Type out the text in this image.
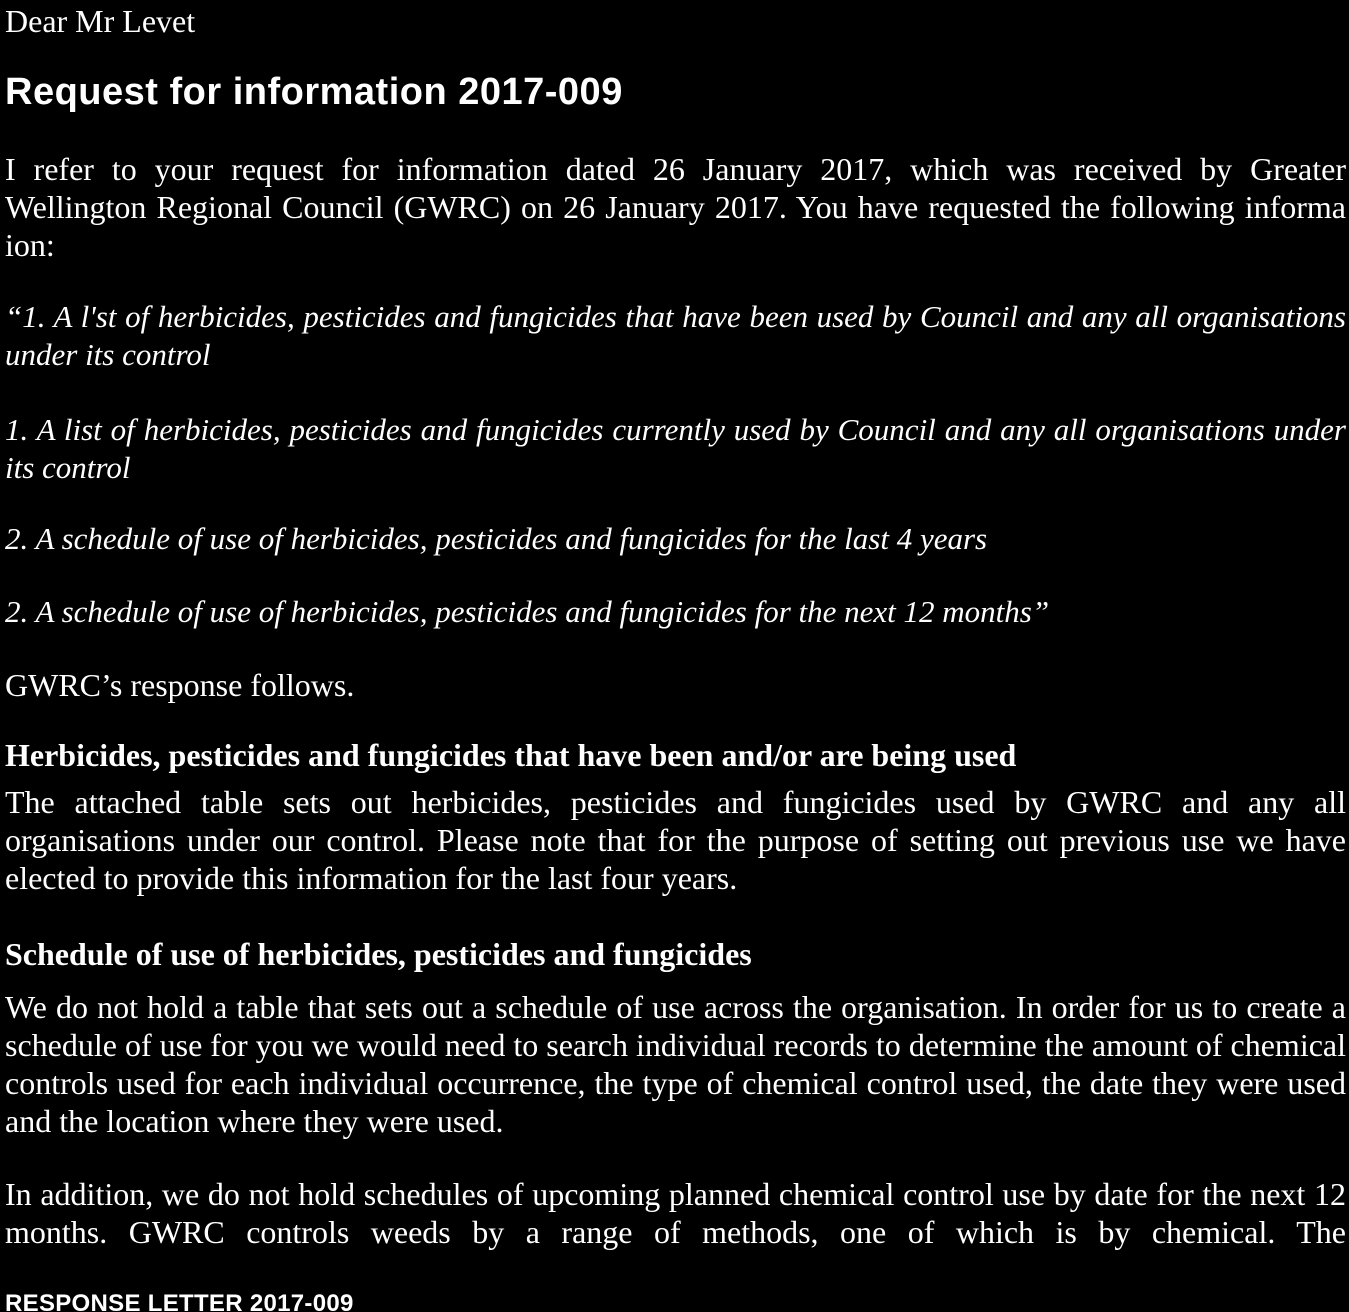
Dear Mr Levet

Request for information 2017-009

I refer to your request for information dated 26 January 2017, which was received by Greater Wellington Regional Council (GWRC) on 26 January 2017. You have requested the following informa ion:

“1. A l'st of herbicides, pesticides and fungicides that have been used by Council and any all organisations under its control

1. A list of herbicides, pesticides and fungicides currently used by Council and any all organisations under its control

2. A schedule of use of herbicides, pesticides and fungicides for the last 4 years

2. A schedule of use of herbicides, pesticides and fungicides for the next 12 months”

GWRC’s response follows.

Herbicides, pesticides and fungicides that have been and/or are being used

The attached table sets out herbicides, pesticides and fungicides used by GWRC and any all organisations under our control. Please note that for the purpose of setting out previous use we have elected to provide this information for the last four years.

Schedule of use of herbicides, pesticides and fungicides

We do not hold a table that sets out a schedule of use across the organisation. In order for us to create a schedule of use for you we would need to search individual records to determine the amount of chemical controls used for each individual occurrence, the type of chemical control used, the date they were used and the location where they were used.

In addition, we do not hold schedules of upcoming planned chemical control use by date for the next 12 months. GWRC controls weeds by a range of methods, one of which is by chemical. The

RESPONSE LETTER 2017-009
